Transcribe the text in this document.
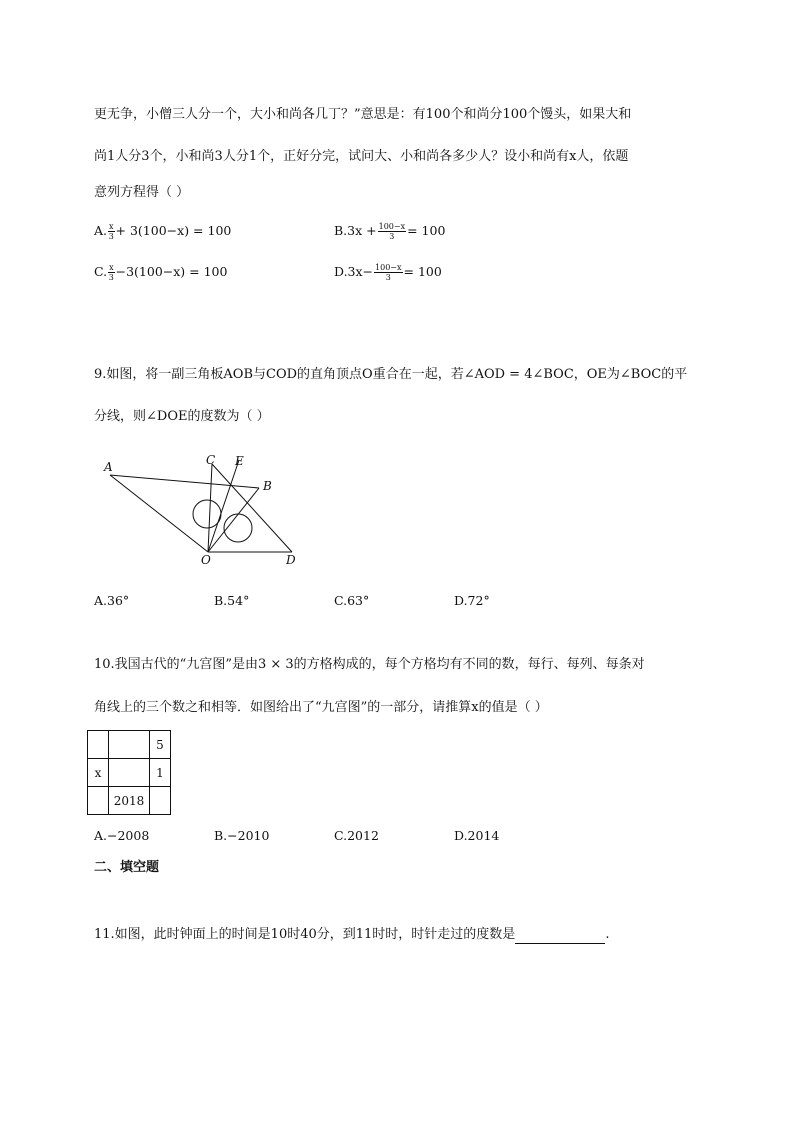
更无争，小僧三人分一个，大小和尚各几丁？”意思是：有100个和尚分100个馒头，如果大和
尚1人分3个，小和尚3人分1个，正好分完，试问大、小和尚各多少人？设小和尚有x人，依题
意列方程得（ ）
A. $\frac{x}{3} + 3(100-x) = 100$	$B.3x + \frac{100-x}{3} = 100$
C. $\frac{x}{3} -3(100-x) = 100$	$D.3x- \frac{100-x}{3} = 100$
9.如图，将一副三角板AOB与COD的直角顶点O重合在一起，若∠AOD = 4∠BOC，OE为∠BOC的平
分线，则∠DOE的度数为（ ）
A	C E
B
O	D
A.36°	B.54°	C.63°	D.72°
10.我国古代的“九宫图”是由3 × 3的方格构成的，每个方格均有不同的数，每行、每列、每条对
角线上的三个数之和相等．如图给出了“九宫图”的一部分，请推算x的值是（ ）
		5
x		1
	2018	
A.−2008	B.−2010	C.2012	D.2014
二、填空题
11.如图，此时钟面上的时间是10时40分，到11时时，时针走过的度数是	.
